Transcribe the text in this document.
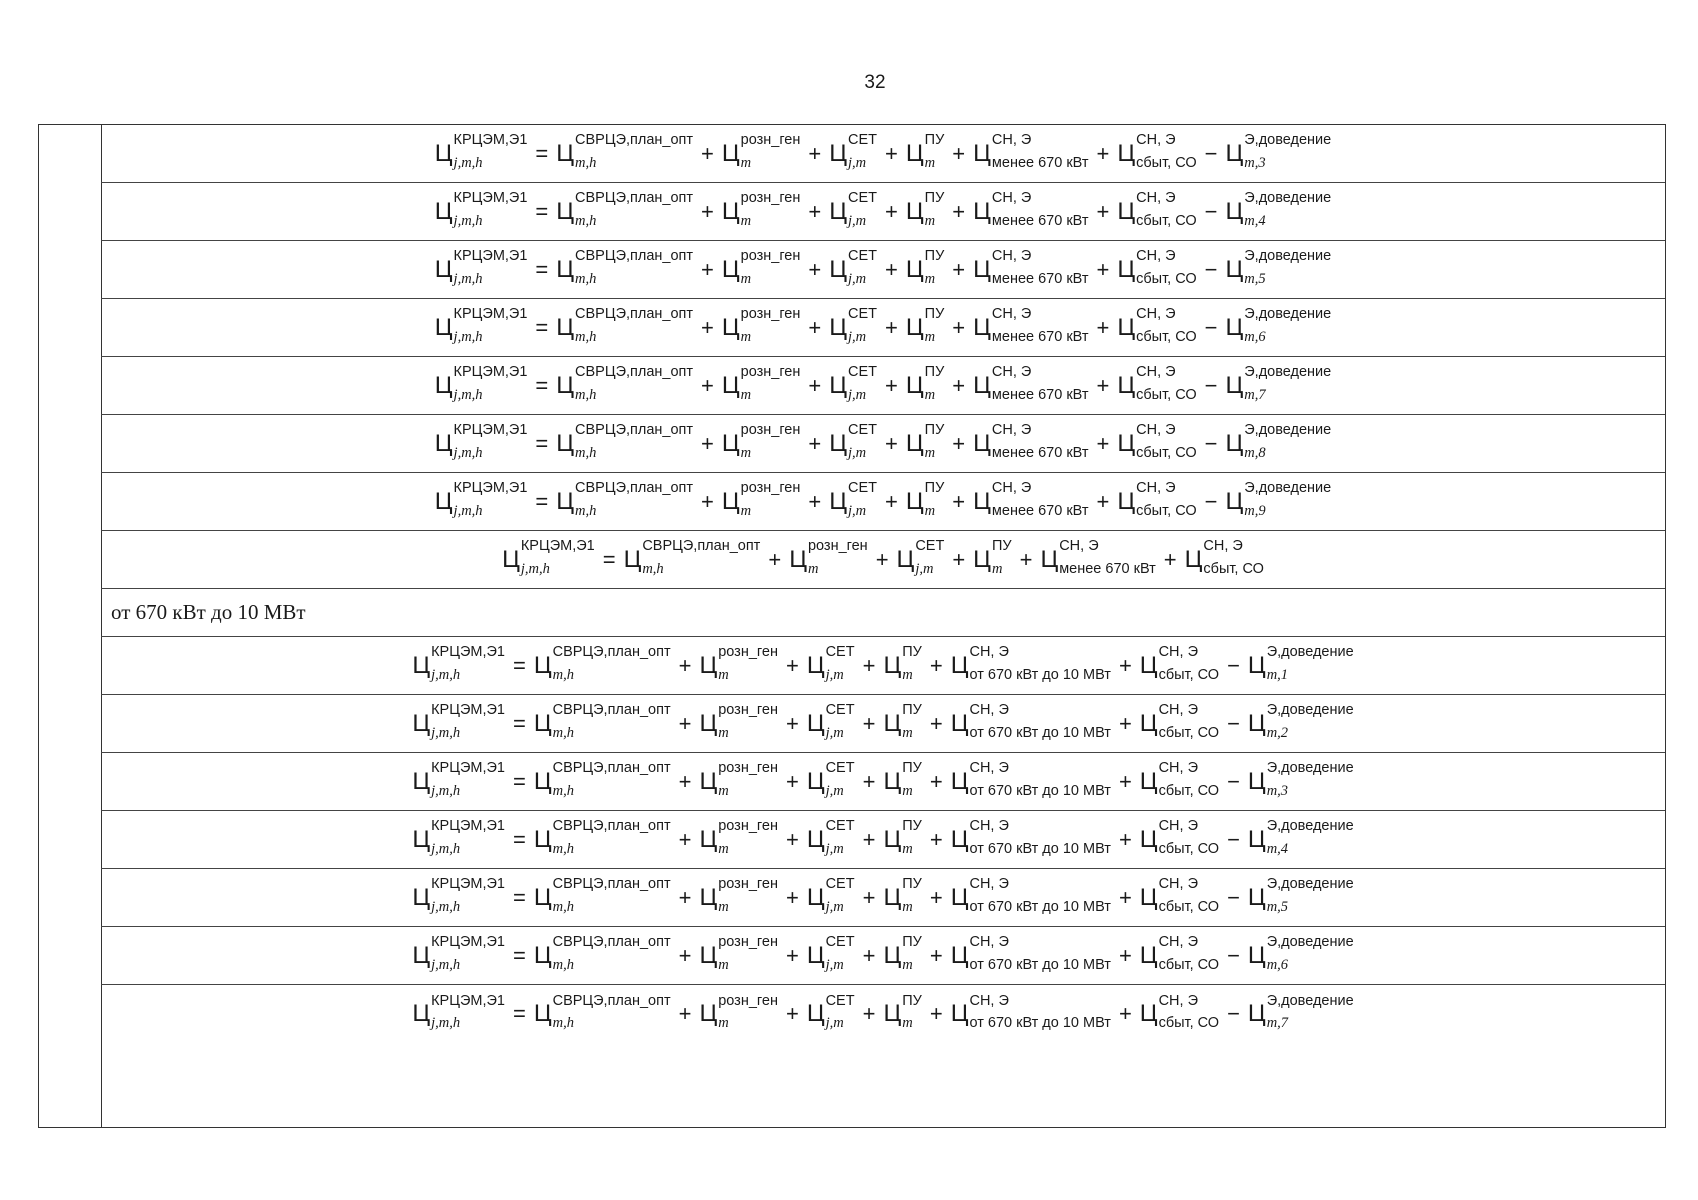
32
Ц КРЦЭМ,Э1
j,m,h	= Ц СВРЦЭ,план_опт
m,h	+ Ц розн_ген
m	+ Ц СЕТ
j,m + Ц ПУ
m + Ц СН, Э
менее 670 кВт + Ц СН, Э
сбыт, СО − Ц Э,доведение
m,3
Ц КРЦЭМ,Э1
j,m,h	= Ц СВРЦЭ,план_опт
m,h	+ Ц розн_ген
m	+ Ц СЕТ
j,m + Ц ПУ
m + Ц СН, Э
менее 670 кВт + Ц СН, Э
сбыт, СО − Ц Э,доведение
m,4
Ц КРЦЭМ,Э1
j,m,h	= Ц СВРЦЭ,план_опт
m,h	+ Ц розн_ген
m	+ Ц СЕТ
j,m + Ц ПУ
m + Ц СН, Э
менее 670 кВт + Ц СН, Э
сбыт, СО − Ц Э,доведение
m,5
Ц КРЦЭМ,Э1
j,m,h	= Ц СВРЦЭ,план_опт
m,h	+ Ц розн_ген
m	+ Ц СЕТ
j,m + Ц ПУ
m + Ц СН, Э
менее 670 кВт + Ц СН, Э
сбыт, СО − Ц Э,доведение
m,6
Ц КРЦЭМ,Э1
j,m,h	= Ц СВРЦЭ,план_опт
m,h	+ Ц розн_ген
m	+ Ц СЕТ
j,m + Ц ПУ
m + Ц СН, Э
менее 670 кВт + Ц СН, Э
сбыт, СО − Ц Э,доведение
m,7
Ц КРЦЭМ,Э1
j,m,h	= Ц СВРЦЭ,план_опт
m,h	+ Ц розн_ген
m	+ Ц СЕТ
j,m + Ц ПУ
m + Ц СН, Э
менее 670 кВт + Ц СН, Э
сбыт, СО − Ц Э,доведение
m,8
Ц КРЦЭМ,Э1
j,m,h	= Ц СВРЦЭ,план_опт
m,h	+ Ц розн_ген
m	+ Ц СЕТ
j,m + Ц ПУ
m + Ц СН, Э
менее 670 кВт + Ц СН, Э
сбыт, СО − Ц Э,доведение
m,9
Ц КРЦЭМ,Э1
j,m,h	= Ц СВРЦЭ,план_опт
m,h	+ Ц розн_ген
m	+ Ц СЕТ
j,m + Ц ПУ
m + Ц СН, Э
менее 670 кВт + Ц СН, Э
сбыт, СО
от 670 кВт до 10 МВт
Ц КРЦЭМ,Э1
j,m,h	= Ц СВРЦЭ,план_опт
m,h	+ Ц розн_ген
m	+ Ц СЕТ
j,m + Ц ПУ
m + Ц СН, Э
от 670 кВт до 10 МВт + Ц СН, Э
сбыт, СО − Ц Э,доведение
m,1
Ц КРЦЭМ,Э1
j,m,h	= Ц СВРЦЭ,план_опт
m,h	+ Ц розн_ген
m	+ Ц СЕТ
j,m + Ц ПУ
m + Ц СН, Э
от 670 кВт до 10 МВт + Ц СН, Э
сбыт, СО − Ц Э,доведение
m,2
Ц КРЦЭМ,Э1
j,m,h	= Ц СВРЦЭ,план_опт
m,h	+ Ц розн_ген
m	+ Ц СЕТ
j,m + Ц ПУ
m + Ц СН, Э
от 670 кВт до 10 МВт + Ц СН, Э
сбыт, СО − Ц Э,доведение
m,3
Ц КРЦЭМ,Э1
j,m,h	= Ц СВРЦЭ,план_опт
m,h	+ Ц розн_ген
m	+ Ц СЕТ
j,m + Ц ПУ
m + Ц СН, Э
от 670 кВт до 10 МВт + Ц СН, Э
сбыт, СО − Ц Э,доведение
m,4
Ц КРЦЭМ,Э1
j,m,h	= Ц СВРЦЭ,план_опт
m,h	+ Ц розн_ген
m	+ Ц СЕТ
j,m + Ц ПУ
m + Ц СН, Э
от 670 кВт до 10 МВт + Ц СН, Э
сбыт, СО − Ц Э,доведение
m,5
Ц КРЦЭМ,Э1
j,m,h	= Ц СВРЦЭ,план_опт
m,h	+ Ц розн_ген
m	+ Ц СЕТ
j,m + Ц ПУ
m + Ц СН, Э
от 670 кВт до 10 МВт + Ц СН, Э
сбыт, СО − Ц Э,доведение
m,6
Ц КРЦЭМ,Э1
j,m,h	= Ц СВРЦЭ,план_опт
m,h	+ Ц розн_ген
m	+ Ц СЕТ
j,m + Ц ПУ
m + Ц СН, Э
от 670 кВт до 10 МВт + Ц СН, Э
сбыт, СО − Ц Э,доведение
m,7
